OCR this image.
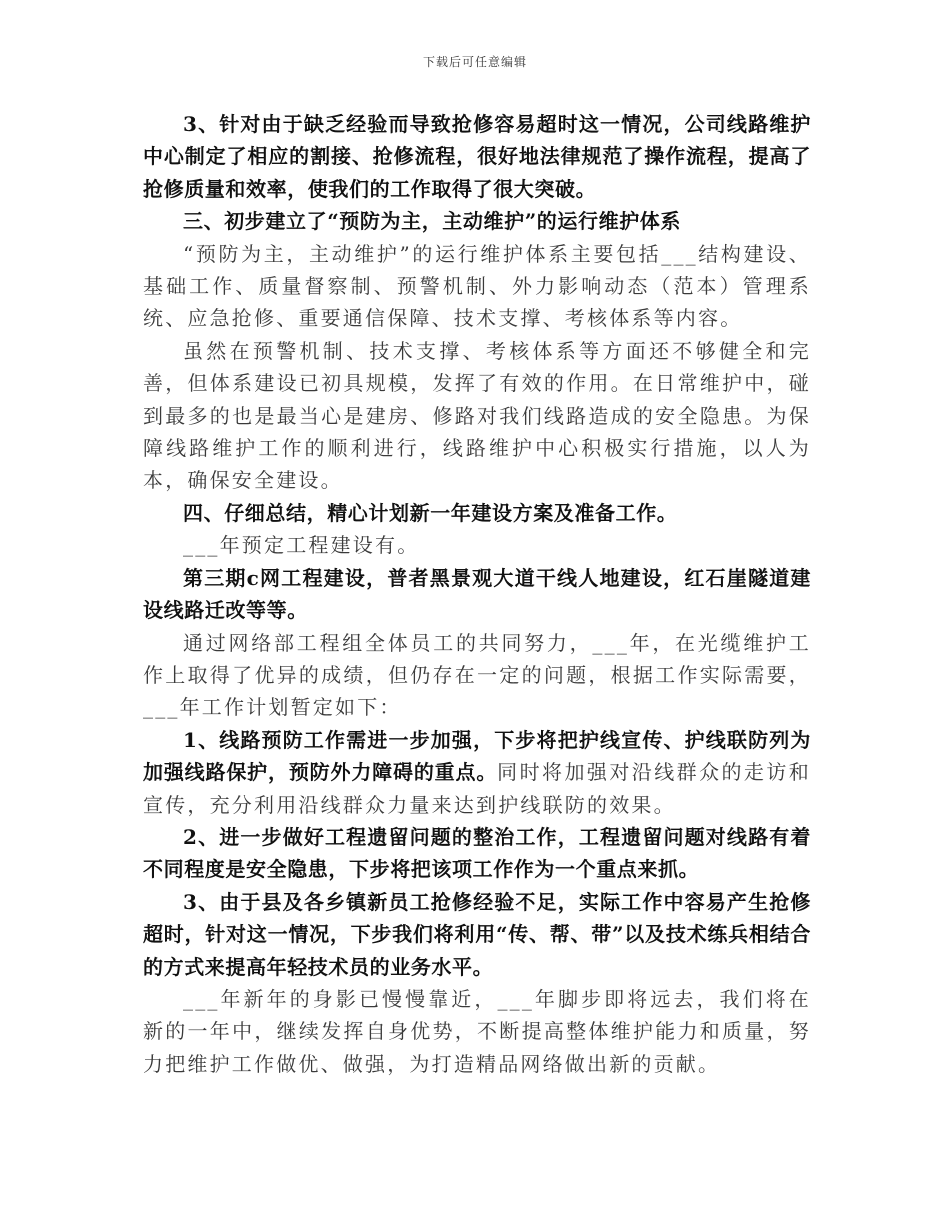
下载后可任意编辑

3、针对由于缺乏经验而导致抢修容易超时这一情况，公司线路维护中心制定了相应的割接、抢修流程，很好地法律规范了操作流程，提高了抢修质量和效率，使我们的工作取得了很大突破。

三、初步建立了“预防为主，主动维护”的运行维护体系

“预防为主，主动维护”的运行维护体系主要包括___结构建设、基础工作、质量督察制、预警机制、外力影响动态（范本）管理系统、应急抢修、重要通信保障、技术支撑、考核体系等内容。

虽然在预警机制、技术支撑、考核体系等方面还不够健全和完善，但体系建设已初具规模，发挥了有效的作用。在日常维护中，碰到最多的也是最当心是建房、修路对我们线路造成的安全隐患。为保障线路维护工作的顺利进行，线路维护中心积极实行措施，以人为本，确保安全建设。

四、仔细总结，精心计划新一年建设方案及准备工作。

___年预定工程建设有。

第三期c网工程建设，普者黑景观大道干线人地建设，红石崖隧道建设线路迁改等等。

通过网络部工程组全体员工的共同努力，___年，在光缆维护工作上取得了优异的成绩，但仍存在一定的问题，根据工作实际需要，___年工作计划暂定如下：

1、线路预防工作需进一步加强，下步将把护线宣传、护线联防列为加强线路保护，预防外力障碍的重点。同时将加强对沿线群众的走访和宣传，充分利用沿线群众力量来达到护线联防的效果。

2、进一步做好工程遗留问题的整治工作，工程遗留问题对线路有着不同程度是安全隐患，下步将把该项工作作为一个重点来抓。

3、由于县及各乡镇新员工抢修经验不足，实际工作中容易产生抢修超时，针对这一情况，下步我们将利用“传、帮、带”以及技术练兵相结合的方式来提高年轻技术员的业务水平。

___年新年的身影已慢慢靠近，___年脚步即将远去，我们将在新的一年中，继续发挥自身优势，不断提高整体维护能力和质量，努力把维护工作做优、做强，为打造精品网络做出新的贡献。
